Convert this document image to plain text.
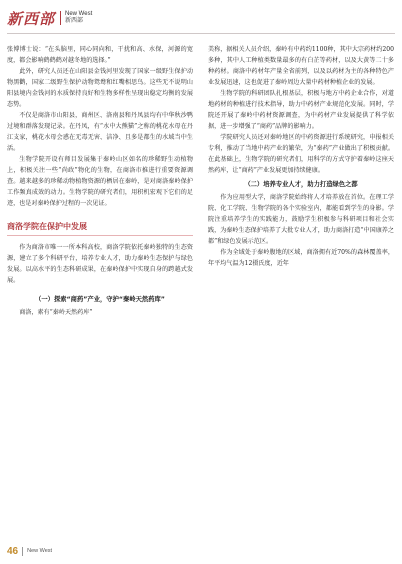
新西部	New West
新西部

张博博士说：“在头脑里，同心同向和，干扰和高、水保，河源的宽度，都会影响鹤鹤鹤对越冬地的选择。”

此外，研究人员还在山阳县金钱河里发现了国家一级野生保护动物黑鹳，国家二级野生保护动物鸳鸯和红嘴相思鸟。这些无不说明山阳县境内金钱河的水质保持良好和生物多样性呈现出稳定均衡的发展态势。

不仅是商洛市山阳县，商州区、洛南县和丹凤县均有中华秋沙鸭过境和群落发现记录。在丹凤，有“水中大熊猫”之称的桃花水母在丹江支家，桃花水母会惑在无毒无害、洁净、且多是都生的水域当中生活。

生物学院开设有师目发展集于秦岭山区如名的珍稀野生动植物上，积极关注一些“尚政”物化的生物，在商洛市推进行重要资源调查。越来越多的珍稀动物植物资源的栖居在秦岭，是对商洛秦岭保护工作频真成效的动力。生物学院的研究者们，用积机宏观下它们的足迹，也是对秦岭保护过程的一次见证。

商洛学院在保护中发展

作为商洛市唯一一所本科高校，商洛学院依托秦岭独特的生态资源，建立了多个科研平台，培养专业人才，助力秦岭生态保护与绿色发展。以高水平的生态科研成果，在秦岭保护中实现自身的跨越式发展。

（一）探索“商药”产业，守护“秦岭天然药库”

商洛，素有“秦岭天然药库”

美称，据相关人员介绍，秦岭有中药约1100种，其中大宗药材约200多种，其中人工种植类数量最多的有白芷等药材，以及大黄等二十多种药材。商洛中药材年产量全省前列，以及以药材为主的各种特色产业发展迅速，这也促进了秦岭周边大量中药材种植企业的发展。

生物学院的科研团队扎根基层，积极与地方中药企业合作，对道地药材的种植进行技术指导，助力中药材产业规范化发展。同时，学院还开展了秦岭中药材资源调查，为中药材产业发展提供了科学依据，进一步增强了“商药”品牌的影响力。

学院研究人员还对秦岭地区的中药资源进行系统研究，申报相关专利，推动了当地中药产业的繁荣，为“秦药”产业做出了积极贡献。在此基础上，生物学院的研究者们，用科学的方式守护着秦岭这座天然药库，让“商药”产业发展更加持续健康。

（二）培养专业人才，助力打造绿色之都

作为应用型大学，商洛学院始终将人才培养放在首位。在理工学院、化工学院、生物学院的各个实验室内，都能看到学生的身影。学院注重培养学生的实践能力，鼓励学生积极参与科研项目和社会实践，为秦岭生态保护培养了大批专业人才，助力商洛打造“中国康养之都”和绿色发展示范区。

作为全域处于秦岭腹地的区域，商洛拥有近70%的森林覆盖率，年平均气温为12摄氏度，近年

46 New West
